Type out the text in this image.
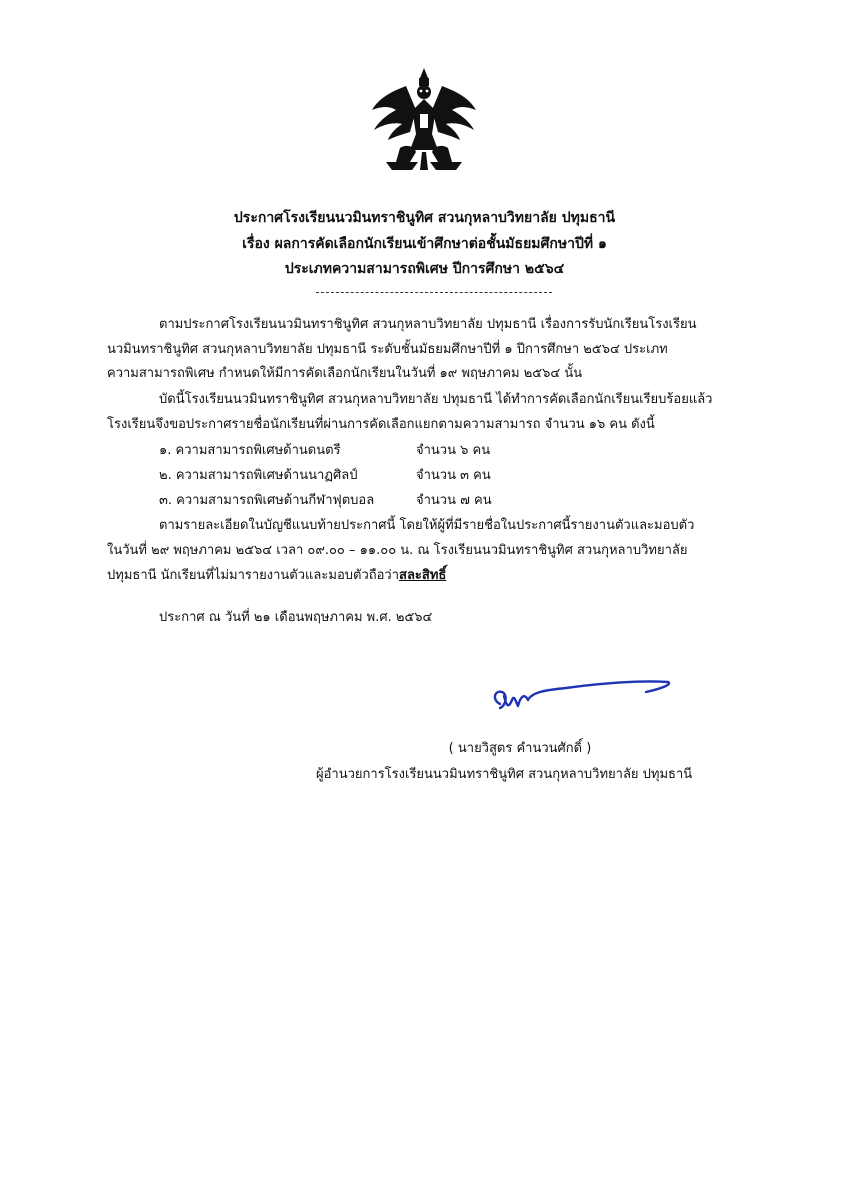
ประกาศโรงเรียนนวมินทราชินูทิศ สวนกุหลาบวิทยาลัย ปทุมธานี
เรื่อง ผลการคัดเลือกนักเรียนเข้าศึกษาต่อชั้นมัธยมศึกษาปีที่ ๑
ประเภทความสามารถพิเศษ ปีการศึกษา ๒๕๖๔
ตามประกาศโรงเรียนนวมินทราชินูทิศ สวนกุหลาบวิทยาลัย ปทุมธานี เรื่องการรับนักเรียนโรงเรียน
นวมินทราชินูทิศ สวนกุหลาบวิทยาลัย ปทุมธานี ระดับชั้นมัธยมศึกษาปีที่ ๑ ปีการศึกษา ๒๕๖๔ ประเภท
ความสามารถพิเศษ กำหนดให้มีการคัดเลือกนักเรียนในวันที่ ๑๙ พฤษภาคม ๒๕๖๔ นั้น
บัดนี้โรงเรียนนวมินทราชินูทิศ สวนกุหลาบวิทยาลัย ปทุมธานี ได้ทำการคัดเลือกนักเรียนเรียบร้อยแล้ว
โรงเรียนจึงขอประกาศรายชื่อนักเรียนที่ผ่านการคัดเลือกแยกตามความสามารถ จำนวน ๑๖ คน ดังนี้
๑. ความสามารถพิเศษด้านดนตรี	จำนวน ๖ คน
๒. ความสามารถพิเศษด้านนาฏศิลป์	จำนวน ๓ คน
๓. ความสามารถพิเศษด้านกีฬาฟุตบอล	จำนวน ๗ คน
ตามรายละเอียดในบัญชีแนบท้ายประกาศนี้ โดยให้ผู้ที่มีรายชื่อในประกาศนี้รายงานตัวและมอบตัว
ในวันที่ ๒๙ พฤษภาคม ๒๕๖๔ เวลา ๐๙.๐๐ – ๑๑.๐๐ น. ณ โรงเรียนนวมินทราชินูทิศ สวนกุหลาบวิทยาลัย
ปทุมธานี นักเรียนที่ไม่มารายงานตัวและมอบตัวถือว่าสละสิทธิ์
ประกาศ ณ วันที่ ๒๑ เดือนพฤษภาคม พ.ศ. ๒๕๖๔
( นายวิสูตร คำนวนศักดิ์ )
ผู้อำนวยการโรงเรียนนวมินทราชินูทิศ สวนกุหลาบวิทยาลัย ปทุมธานี
